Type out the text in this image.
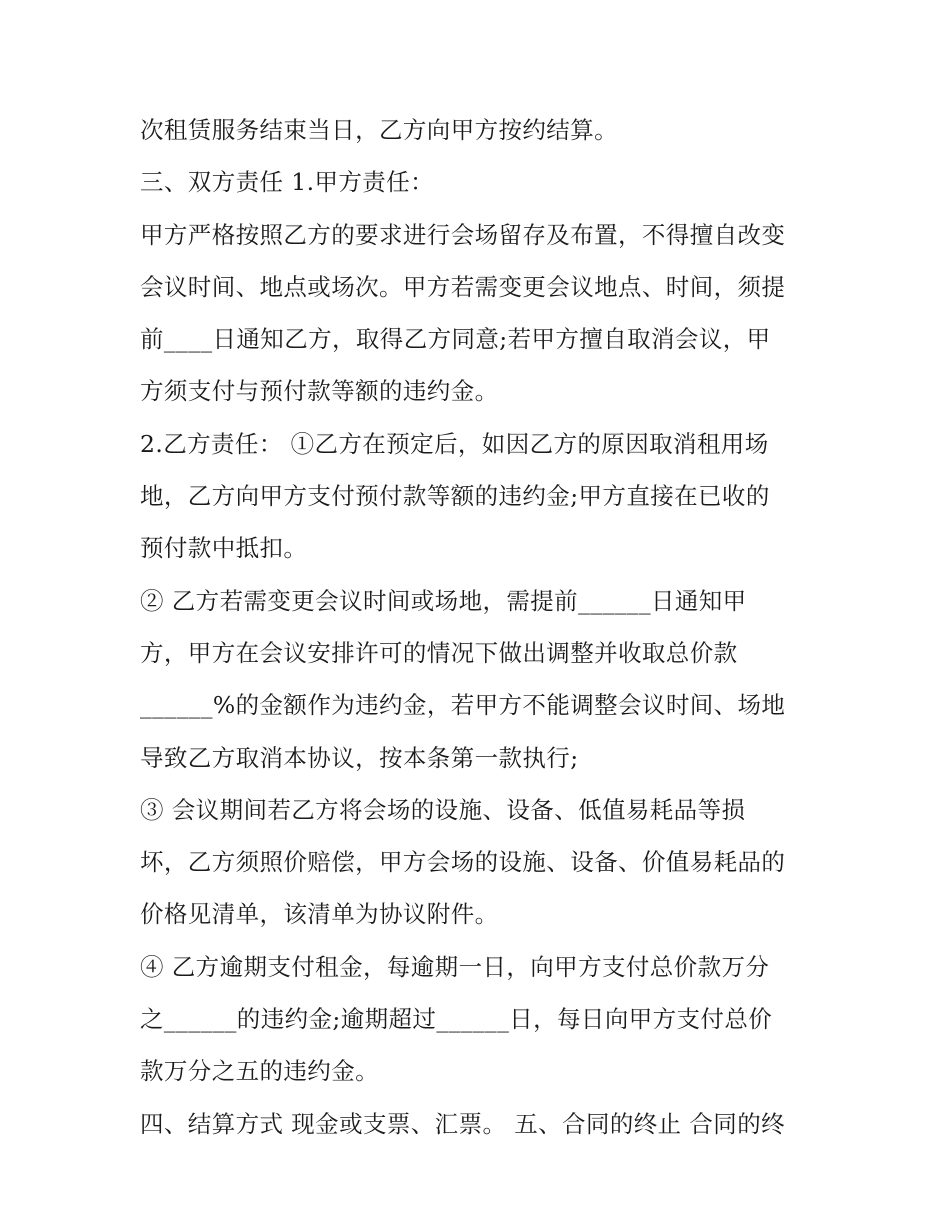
次租赁服务结束当日，乙方向甲方按约结算。
三、双方责任 1.甲方责任：
甲方严格按照乙方的要求进行会场留存及布置，不得擅自改变
会议时间、地点或场次。甲方若需变更会议地点、时间，须提
前____日通知乙方，取得乙方同意;若甲方擅自取消会议，甲
方须支付与预付款等额的违约金。
2.乙方责任： ①乙方在预定后，如因乙方的原因取消租用场
地，乙方向甲方支付预付款等额的违约金;甲方直接在已收的
预付款中抵扣。
② 乙方若需变更会议时间或场地，需提前______日通知甲
方，甲方在会议安排许可的情况下做出调整并收取总价款
______%的金额作为违约金，若甲方不能调整会议时间、场地
导致乙方取消本协议，按本条第一款执行;
③ 会议期间若乙方将会场的设施、设备、低值易耗品等损
坏，乙方须照价赔偿，甲方会场的设施、设备、价值易耗品的
价格见清单，该清单为协议附件。
④ 乙方逾期支付租金，每逾期一日，向甲方支付总价款万分
之______的违约金;逾期超过______日，每日向甲方支付总价
款万分之五的违约金。
四、结算方式 现金或支票、汇票。 五、合同的终止 合同的终
